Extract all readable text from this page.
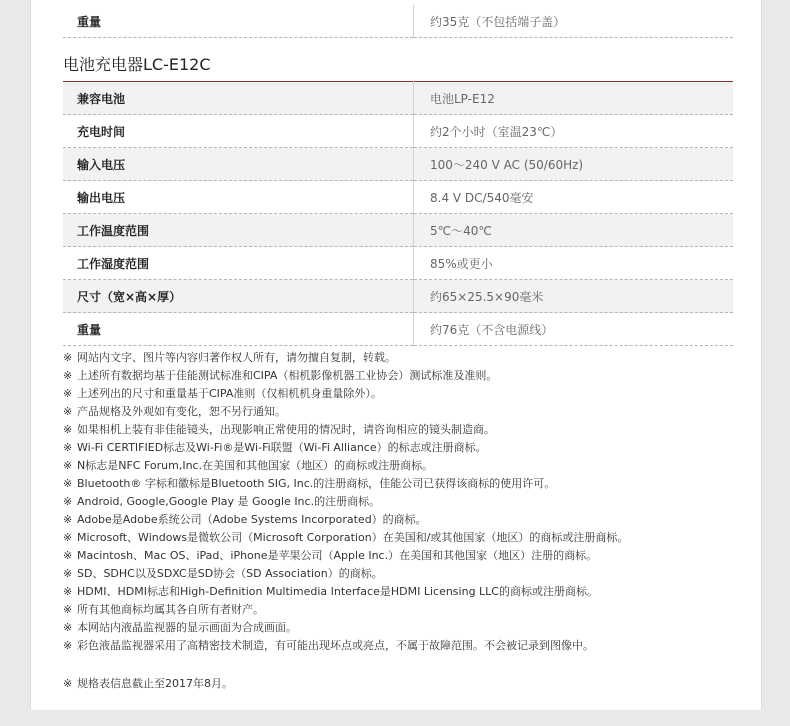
重量	约35克（不包括端子盖）
电池充电器LC-E12C
兼容电池	电池LP-E12
充电时间	约2个小时（室温23℃）
输入电压	100～240 V AC (50/60Hz)
输出电压	8.4 V DC/540毫安
工作温度范围	5℃～40℃
工作湿度范围	85%或更小
尺寸（宽×高×厚）	约65×25.5×90毫米
重量	约76克（不含电源线）
※ 网站内文字、图片等内容归著作权人所有，请勿擅自复制，转载。
※ 上述所有数据均基于佳能测试标准和CIPA（相机影像机器工业协会）测试标准及准则。
※ 上述列出的尺寸和重量基于CIPA准则（仅相机机身重量除外）。
※ 产品规格及外观如有变化，恕不另行通知。
※ 如果相机上装有非佳能镜头，出现影响正常使用的情况时，请咨询相应的镜头制造商。
※ Wi-Fi CERTIFIED标志及Wi-Fi®是Wi-Fi联盟（Wi-Fi Alliance）的标志或注册商标。
※ N标志是NFC Forum,Inc.在美国和其他国家（地区）的商标或注册商标。
※ Bluetooth® 字标和徽标是Bluetooth SIG, Inc.的注册商标，佳能公司已获得该商标的使用许可。
※ Android, Google,Google Play 是 Google Inc.的注册商标。
※ Adobe是Adobe系统公司（Adobe Systems Incorporated）的商标。
※ Microsoft、Windows是微软公司（Microsoft Corporation）在美国和/或其他国家（地区）的商标或注册商标。
※ Macintosh、Mac OS、iPad、iPhone是苹果公司（Apple Inc.）在美国和其他国家（地区）注册的商标。
※ SD、SDHC以及SDXC是SD协会（SD Association）的商标。
※ HDMI、HDMI标志和High-Definition Multimedia Interface是HDMI Licensing LLC的商标或注册商标。
※ 所有其他商标均属其各自所有者财产。
※ 本网站内液晶监视器的显示画面为合成画面。
※ 彩色液晶监视器采用了高精密技术制造，有可能出现坏点或亮点，不属于故障范围。不会被记录到图像中。
※ 规格表信息截止至2017年8月。
